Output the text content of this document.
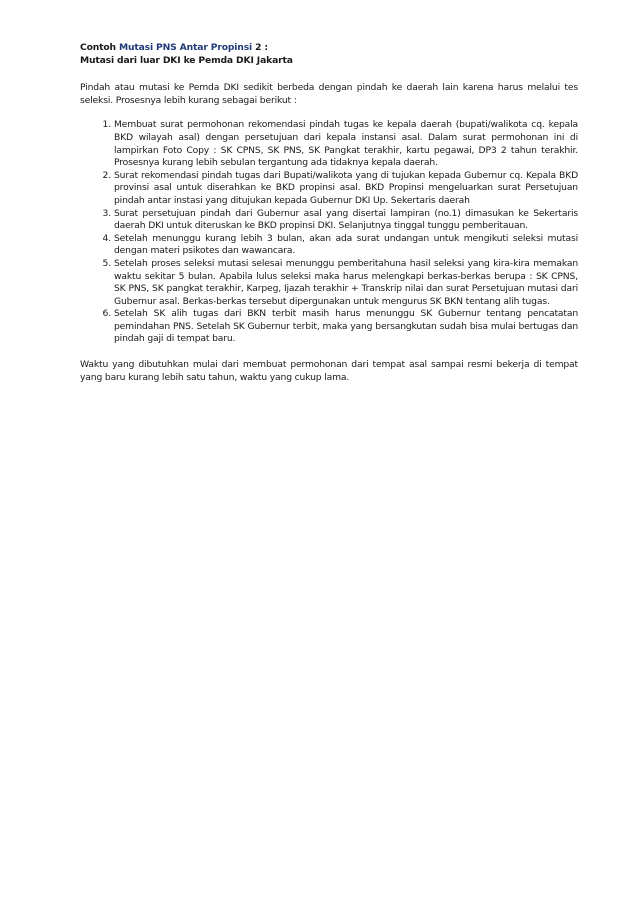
Contoh Mutasi PNS Antar Propinsi 2 :

Mutasi dari luar DKI ke Pemda DKI Jakarta

Pindah atau mutasi ke Pemda DKI sedikit berbeda dengan pindah ke daerah lain karena harus melalui tes seleksi. Prosesnya lebih kurang sebagai berikut :

1. Membuat surat permohonan rekomendasi pindah tugas ke kepala daerah (bupati/walikota cq. kepala BKD wilayah asal) dengan persetujuan dari kepala instansi asal. Dalam surat permohonan ini di lampirkan Foto Copy : SK CPNS, SK PNS, SK Pangkat terakhir, kartu pegawai, DP3 2 tahun terakhir. Prosesnya kurang lebih sebulan tergantung ada tidaknya kepala daerah.
2. Surat rekomendasi pindah tugas dari Bupati/walikota yang di tujukan kepada Gubernur cq. Kepala BKD provinsi asal untuk diserahkan ke BKD propinsi asal. BKD Propinsi mengeluarkan surat Persetujuan pindah antar instasi yang ditujukan kepada Gubernur DKI Up. Sekertaris daerah
3. Surat persetujuan pindah dari Gubernur asal yang disertai lampiran (no.1) dimasukan ke Sekertaris daerah DKI untuk diteruskan ke BKD propinsi DKI. Selanjutnya tinggal tunggu pemberitauan.
4. Setelah menunggu kurang lebih 3 bulan, akan ada surat undangan untuk mengikuti seleksi mutasi dengan materi psikotes dan wawancara.
5. Setelah proses seleksi mutasi selesai menunggu pemberitahuna hasil seleksi yang kira-kira memakan waktu sekitar 5 bulan. Apabila lulus seleksi maka harus melengkapi berkas-berkas berupa : SK CPNS, SK PNS, SK pangkat terakhir, Karpeg, Ijazah terakhir + Transkrip nilai dan surat Persetujuan mutasi dari Gubernur asal. Berkas-berkas tersebut dipergunakan untuk mengurus SK BKN tentang alih tugas.
6. Setelah SK alih tugas dari BKN terbit masih harus menunggu SK Gubernur tentang pencatatan pemindahan PNS. Setelah SK Gubernur terbit, maka yang bersangkutan sudah bisa mulai bertugas dan pindah gaji di tempat baru.

Waktu yang dibutuhkan mulai dari membuat permohonan dari tempat asal sampai resmi bekerja di tempat yang baru kurang lebih satu tahun, waktu yang cukup lama.
